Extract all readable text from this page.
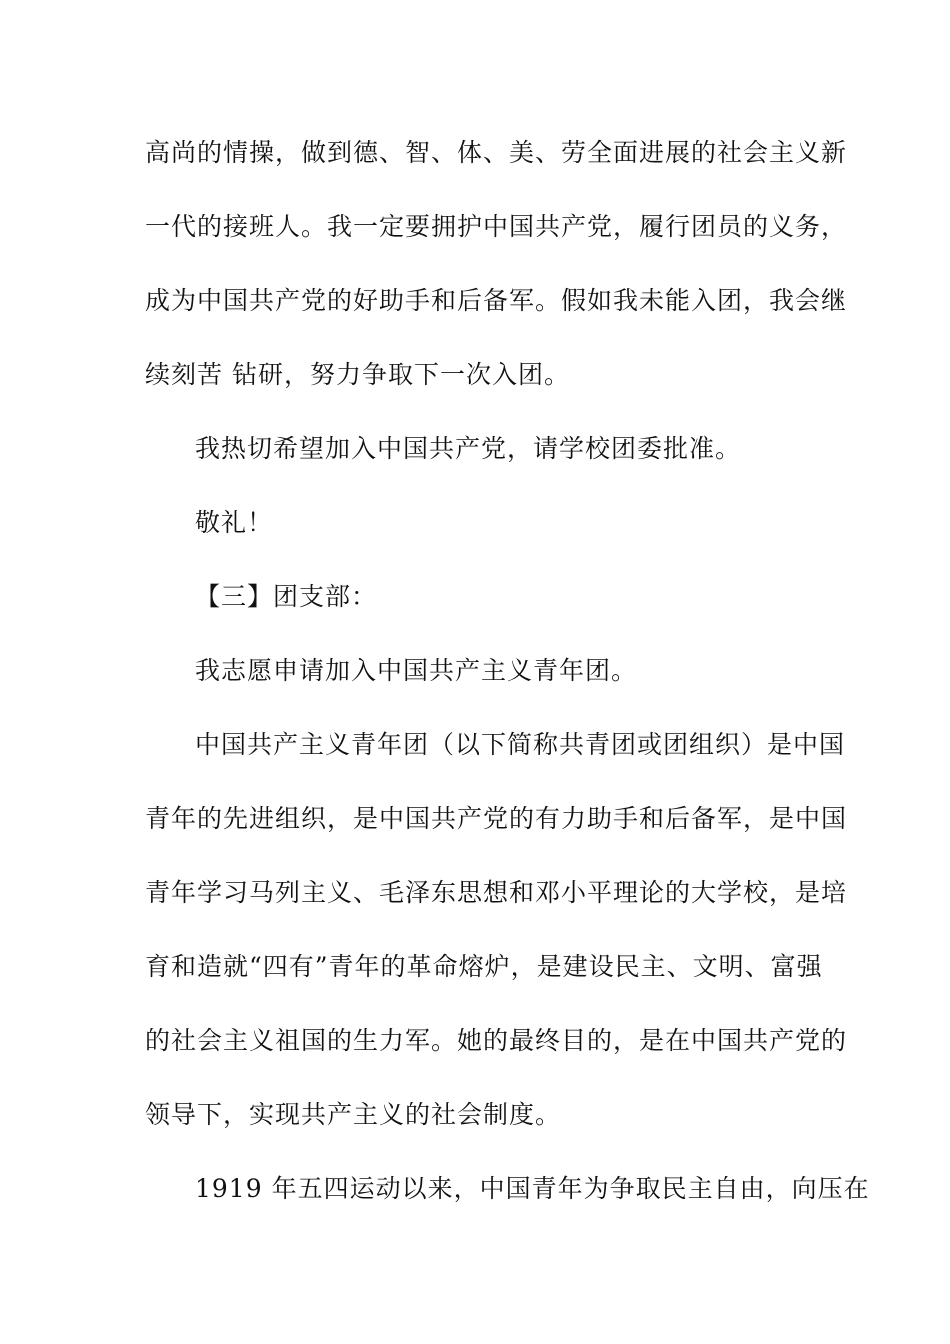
高尚的情操，做到德、智、体、美、劳全面进展的社会主义新
一代的接班人。我一定要拥护中国共产党，履行团员的义务，
成为中国共产党的好助手和后备军。假如我未能入团，我会继
续刻苦 钻研，努力争取下一次入团。
我热切希望加入中国共产党，请学校团委批准。
敬礼！
【三】团支部：
我志愿申请加入中国共产主义青年团。
中国共产主义青年团（以下简称共青团或团组织）是中国
青年的先进组织，是中国共产党的有力助手和后备军，是中国
青年学习马列主义、毛泽东思想和邓小平理论的大学校，是培
育和造就“四有”青年的革命熔炉，是建设民主、文明、富强
的社会主义祖国的生力军。她的最终目的，是在中国共产党的
领导下，实现共产主义的社会制度。
1919 年五四运动以来，中国青年为争取民主自由，向压在
